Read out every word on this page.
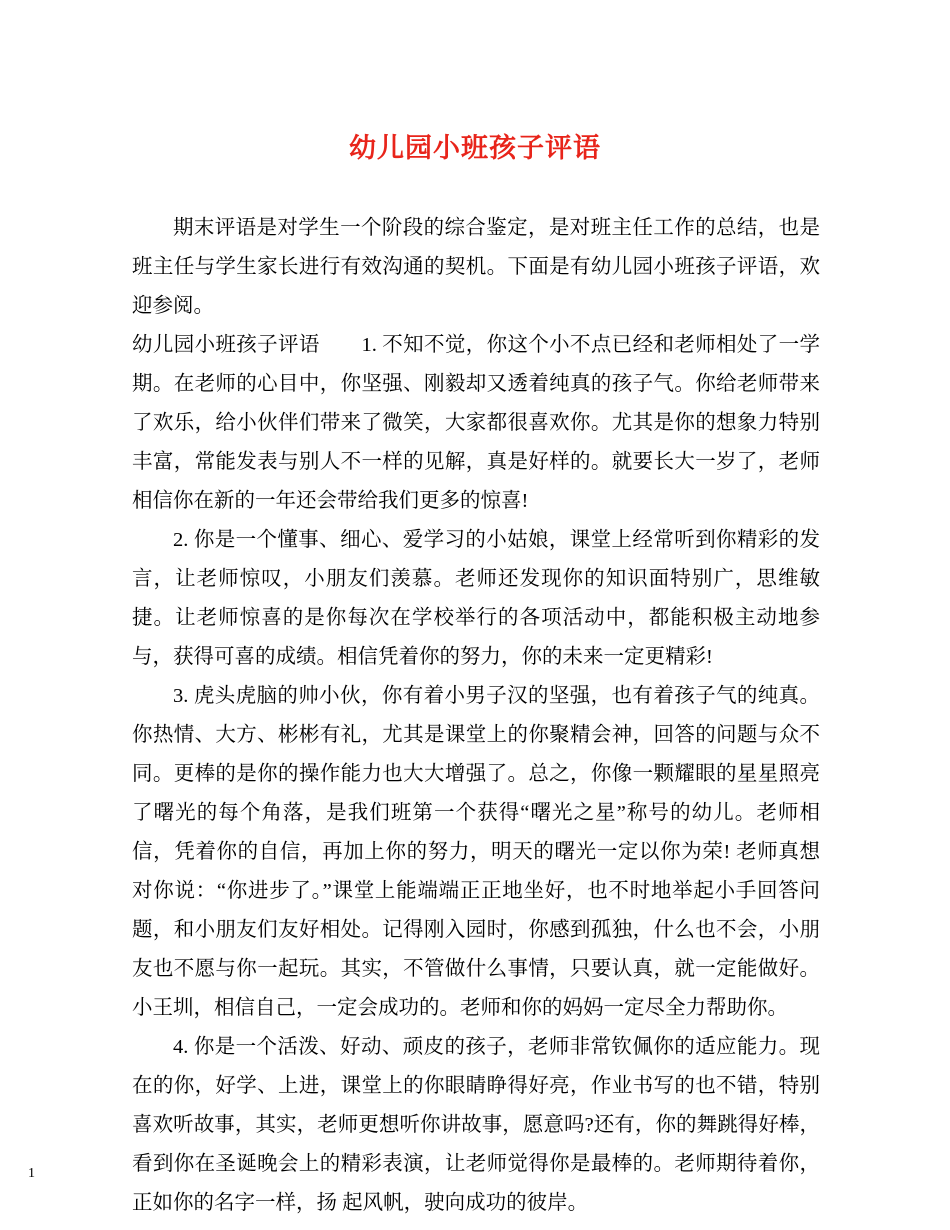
幼儿园小班孩子评语

期末评语是对学生一个阶段的综合鉴定，是对班主任工作的总结，也是班主任与学生家长进行有效沟通的契机。下面是有幼儿园小班孩子评语，欢迎参阅。

幼儿园小班孩子评语　　1. 不知不觉，你这个小不点已经和老师相处了一学期。在老师的心目中，你坚强、刚毅却又透着纯真的孩子气。你给老师带来了欢乐，给小伙伴们带来了微笑，大家都很喜欢你。尤其是你的想象力特别丰富，常能发表与别人不一样的见解，真是好样的。就要长大一岁了，老师相信你在新的一年还会带给我们更多的惊喜!

2. 你是一个懂事、细心、爱学习的小姑娘，课堂上经常听到你精彩的发言，让老师惊叹，小朋友们羡慕。老师还发现你的知识面特别广，思维敏捷。让老师惊喜的是你每次在学校举行的各项活动中，都能积极主动地参与，获得可喜的成绩。相信凭着你的努力，你的未来一定更精彩!

3. 虎头虎脑的帅小伙，你有着小男子汉的坚强，也有着孩子气的纯真。你热情、大方、彬彬有礼，尤其是课堂上的你聚精会神，回答的问题与众不同。更棒的是你的操作能力也大大增强了。总之，你像一颗耀眼的星星照亮了曙光的每个角落，是我们班第一个获得“曙光之星”称号的幼儿。老师相信，凭着你的自信，再加上你的努力，明天的曙光一定以你为荣! 老师真想对你说：“你进步了。”课堂上能端端正正地坐好，也不时地举起小手回答问题，和小朋友们友好相处。记得刚入园时，你感到孤独，什么也不会，小朋友也不愿与你一起玩。其实，不管做什么事情，只要认真，就一定能做好。小王圳，相信自己，一定会成功的。老师和你的妈妈一定尽全力帮助你。

4. 你是一个活泼、好动、顽皮的孩子，老师非常钦佩你的适应能力。现在的你，好学、上进，课堂上的你眼睛睁得好亮，作业书写的也不错，特别喜欢听故事，其实，老师更想听你讲故事，愿意吗?还有，你的舞跳得好棒，看到你在圣诞晚会上的精彩表演，让老师觉得你是最棒的。老师期待着你，正如你的名字一样，扬 起风帆，驶向成功的彼岸。

1
